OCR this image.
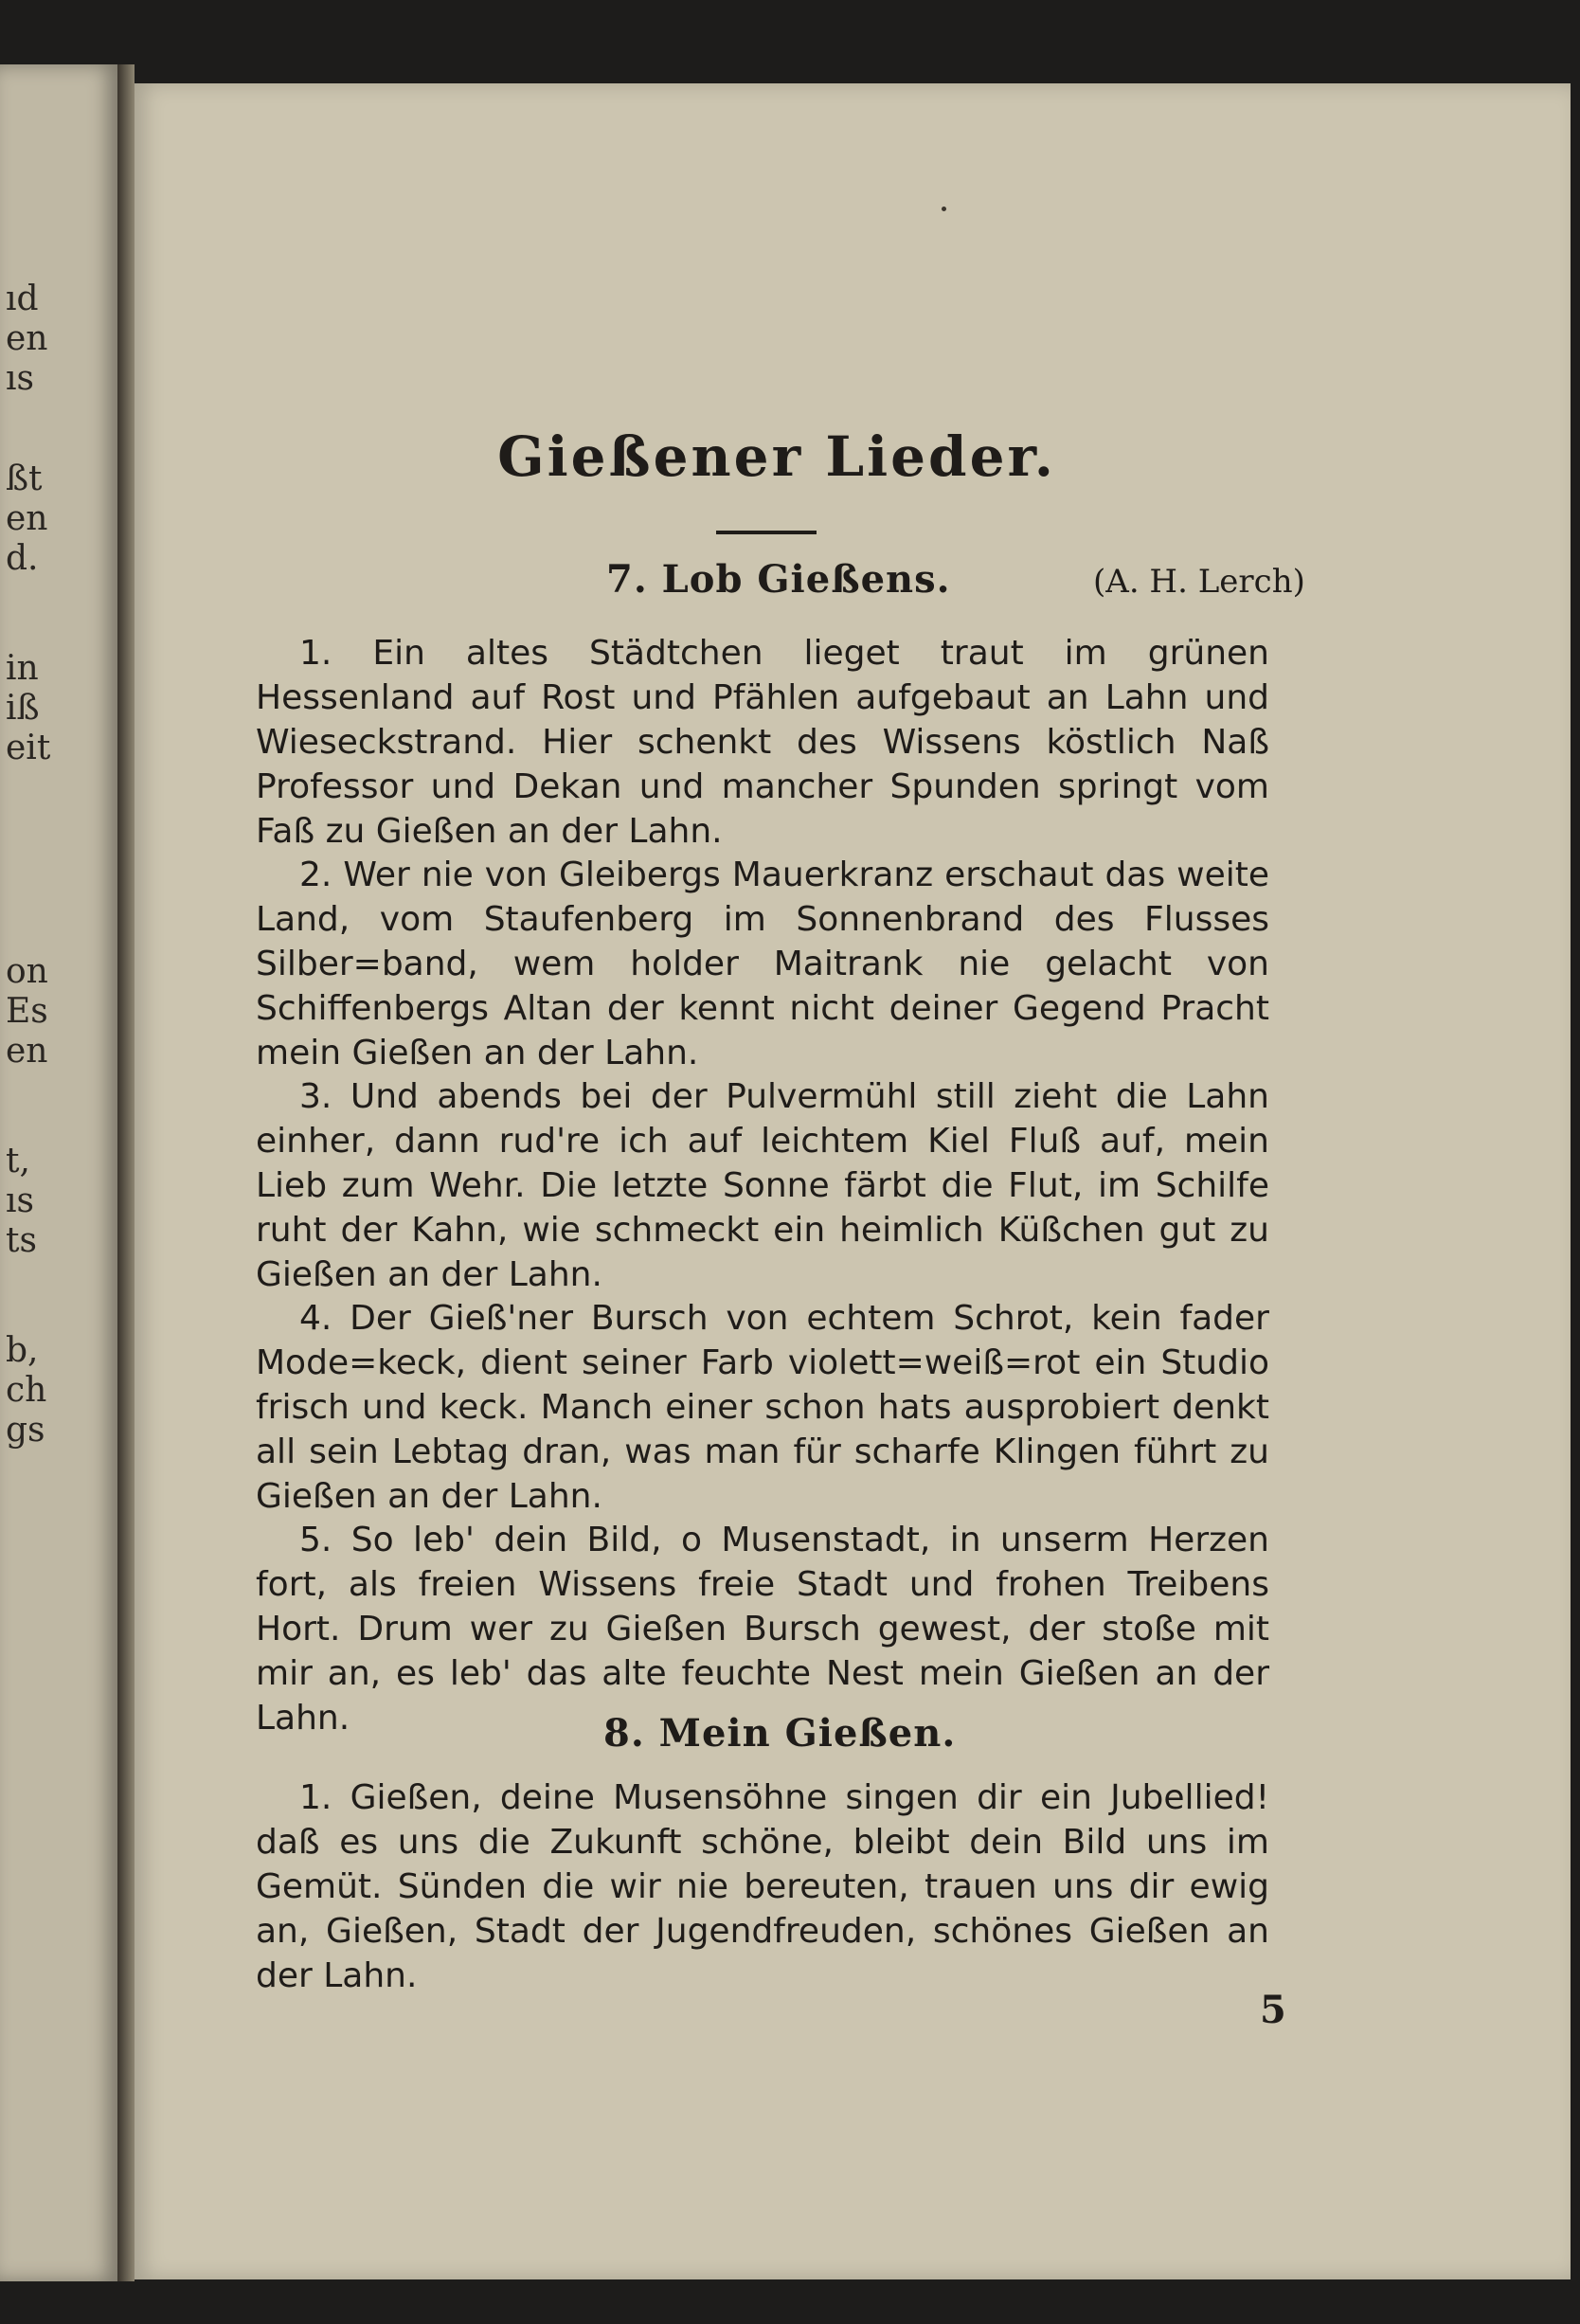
ıd
en
ıs
ßt
en
d.
in
iß
eit
on
Es
en
t,
ıs
ts
b,
ch
gs
Gießener Lieder.
7. Lob Gießens.	(A. H. Lerch)

1. Ein altes Städtchen lieget traut im grünen Hessenland auf Rost und Pfählen aufgebaut an Lahn und Wieseckstrand. Hier schenkt des Wissens köstlich Naß Professor und Dekan und mancher Spunden springt vom Faß zu Gießen an der Lahn.

2. Wer nie von Gleibergs Mauerkranz erschaut das weite Land, vom Staufenberg im Sonnenbrand des Flusses Silber=band, wem holder Maitrank nie gelacht von Schiffenbergs Altan der kennt nicht deiner Gegend Pracht mein Gießen an der Lahn.

3. Und abends bei der Pulvermühl still zieht die Lahn einher, dann rud're ich auf leichtem Kiel Fluß auf, mein Lieb zum Wehr. Die letzte Sonne färbt die Flut, im Schilfe ruht der Kahn, wie schmeckt ein heimlich Küßchen gut zu Gießen an der Lahn.

4. Der Gieß'ner Bursch von echtem Schrot, kein fader Mode=keck, dient seiner Farb violett=weiß=rot ein Studio frisch und keck. Manch einer schon hats ausprobiert denkt all sein Lebtag dran, was man für scharfe Klingen führt zu Gießen an der Lahn.

5. So leb' dein Bild, o Musenstadt, in unserm Herzen fort, als freien Wissens freie Stadt und frohen Treibens Hort. Drum wer zu Gießen Bursch gewest, der stoße mit mir an, es leb' das alte feuchte Nest mein Gießen an der Lahn.	8. Mein Gießen.

1. Gießen, deine Musensöhne singen dir ein Jubellied! daß es uns die Zukunft schöne, bleibt dein Bild uns im Gemüt. Sünden die wir nie bereuten, trauen uns dir ewig an, Gießen, Stadt der Jugendfreuden, schönes Gießen an der Lahn.

5
